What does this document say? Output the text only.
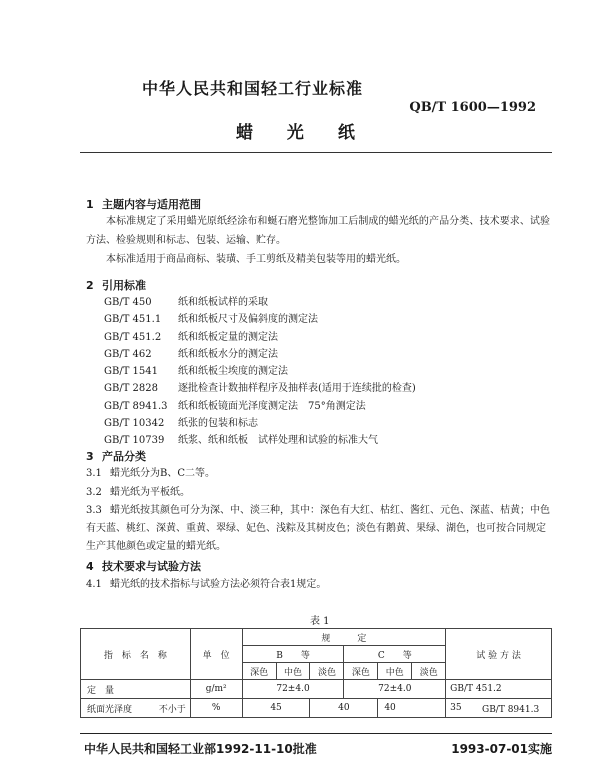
中华人民共和国轻工行业标准
QB/T 1600—1992
蜡 光 纸
1 主题内容与适用范围
本标准规定了采用蜡光原纸经涂布和蜒石磨光整饰加工后制成的蜡光纸的产品分类、技术要求、试验方法、检验规则和标志、包装、运输、贮存。
本标准适用于商品商标、装璜、手工剪纸及精美包装等用的蜡光纸。
2 引用标准
GB/T 450	纸和纸板试样的采取
GB/T 451.1 纸和纸板尺寸及偏斜度的测定法
GB/T 451.2 纸和纸板定量的测定法
GB/T 462	纸和纸板水分的测定法
GB/T 1541 纸和纸板尘埃度的测定法
GB/T 2828 逐批检查计数抽样程序及抽样表(适用于连续批的检查)
GB/T 8941.3 纸和纸板镜面光泽度测定法　75°角测定法
GB/T 10342 纸张的包装和标志
GB/T 10739 纸浆、纸和纸板　试样处理和试验的标准大气
3 产品分类
3.1 蜡光纸分为B、C二等。
3.2 蜡光纸为平板纸。
3.3 蜡光纸按其颜色可分为深、中、淡三种，其中：深色有大红、枯红、酱红、元色、深蓝、桔黄；中色有天蓝、桃红、深黄、重黄、翠绿、妃色、浅粽及其树皮色；淡色有鹅黄、果绿、湖色，也可按合同规定生产其他颜色或定量的蜡光纸。
4 技术要求与试验方法
4.1 蜡光纸的技术指标与试验方法必须符合表1规定。
表 1
指　标　名　称	单　位	规　　　定						试 验 方 法
		B　　等			C　　等			
		深色	中色	淡色	深色	中色	淡色	
定　量	g/m²	72±4.0			72±4.0			GB/T 451.2
纸面光泽度 不小于	%	45		40		40		35 GB/T 8941.3
中华人民共和国轻工业部1992-11-10批准	1993-07-01实施
